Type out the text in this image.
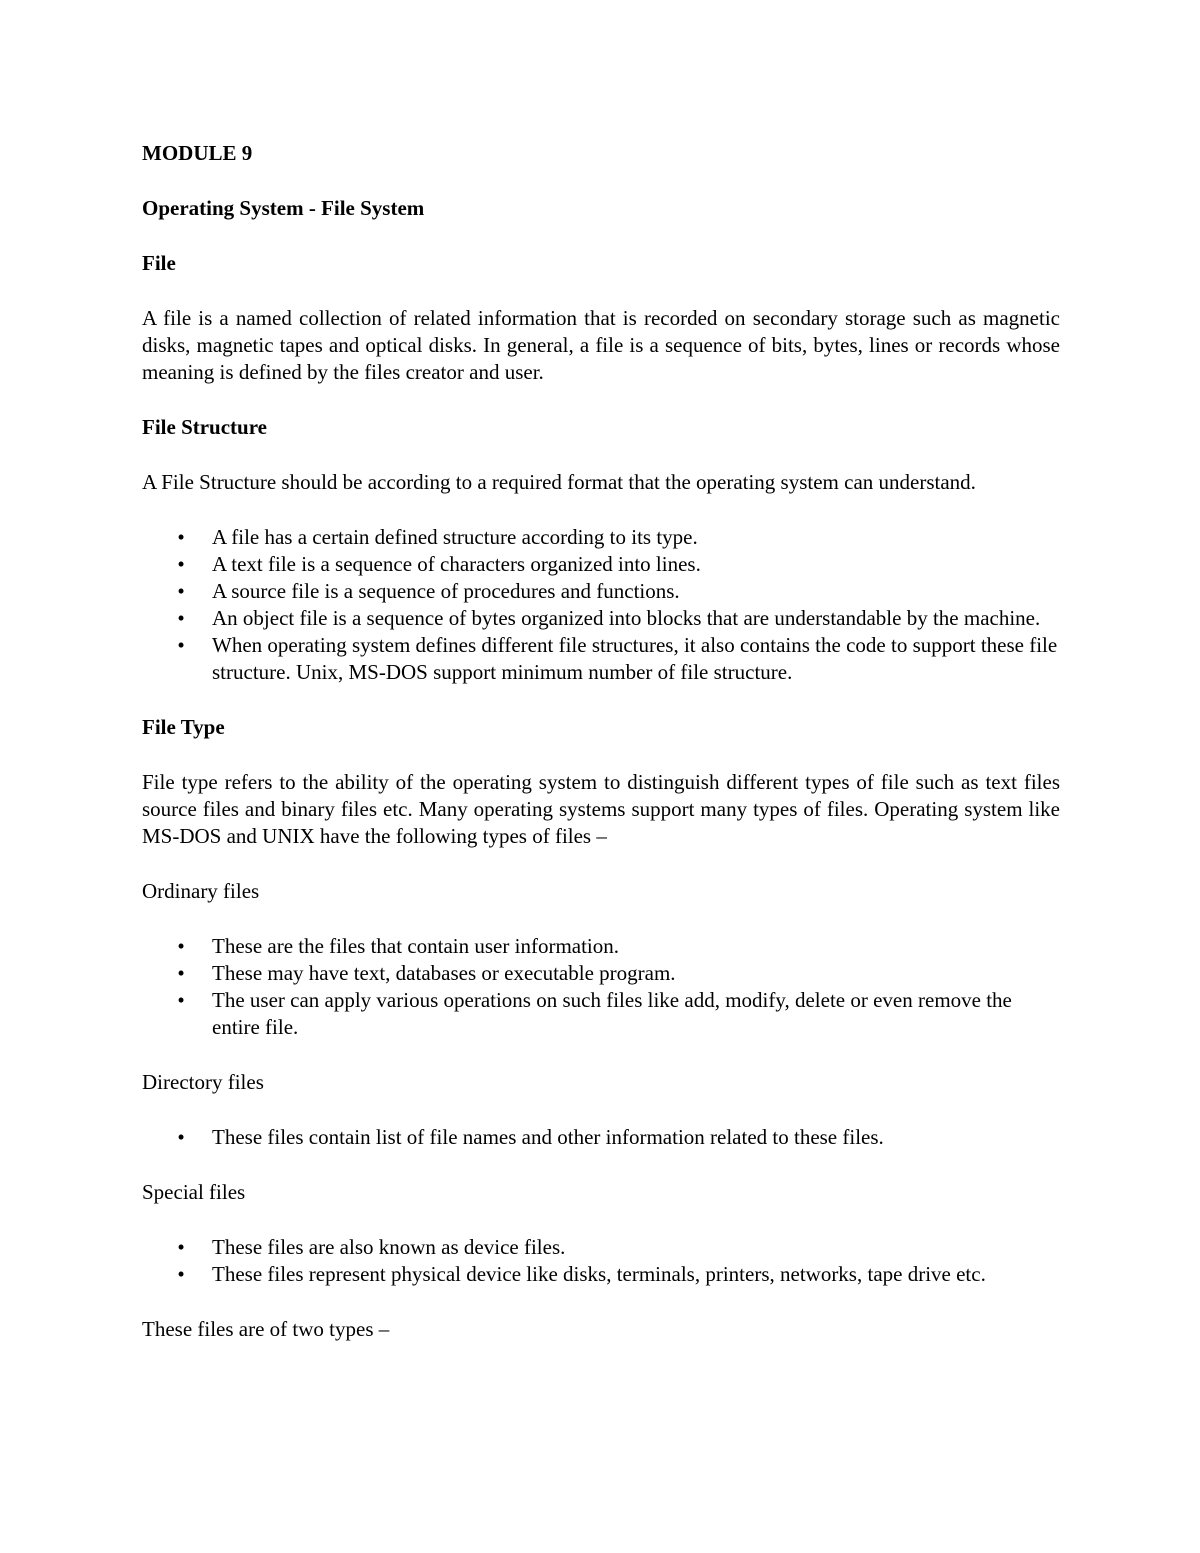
MODULE 9

Operating System - File System

File

A file is a named collection of related information that is recorded on secondary storage such as magnetic disks, magnetic tapes and optical disks. In general, a file is a sequence of bits, bytes, lines or records whose meaning is defined by the files creator and user.

File Structure

A File Structure should be according to a required format that the operating system can understand.

• A file has a certain defined structure according to its type.
• A text file is a sequence of characters organized into lines.
• A source file is a sequence of procedures and functions.
• An object file is a sequence of bytes organized into blocks that are understandable by the machine.
• When operating system defines different file structures, it also contains the code to support these file structure. Unix, MS-DOS support minimum number of file structure.

File Type

File type refers to the ability of the operating system to distinguish different types of file such as text files source files and binary files etc. Many operating systems support many types of files. Operating system like MS-DOS and UNIX have the following types of files –

Ordinary files

• These are the files that contain user information.
• These may have text, databases or executable program.
• The user can apply various operations on such files like add, modify, delete or even remove the entire file.

Directory files

• These files contain list of file names and other information related to these files.

Special files

• These files are also known as device files.
• These files represent physical device like disks, terminals, printers, networks, tape drive etc.

These files are of two types –
